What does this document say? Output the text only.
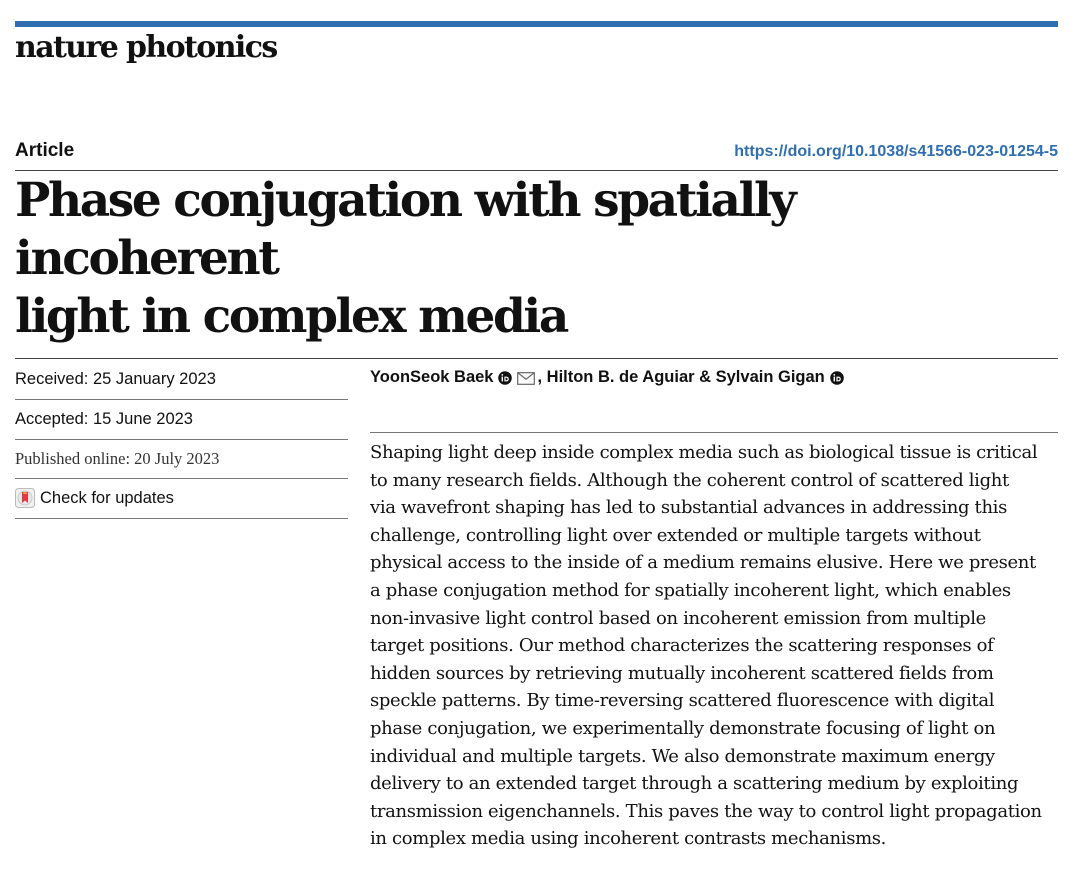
nature photonics
Article	https://doi.org/10.1038/s41566-023-01254-5
Phase conjugation with spatially incoherent
light in complex media
Received: 25 January 2023
Accepted: 15 June 2023
Published online: 20 July 2023
Check for updates
YoonSeok Baek	, Hilton B. de Aguiar & Sylvain Gigan
Shaping light deep inside complex media such as biological tissue is critical
to many research fields. Although the coherent control of scattered light
via wavefront shaping has led to substantial advances in addressing this
challenge, controlling light over extended or multiple targets without
physical access to the inside of a medium remains elusive. Here we present
a phase conjugation method for spatially incoherent light, which enables
non-invasive light control based on incoherent emission from multiple
target positions. Our method characterizes the scattering responses of
hidden sources by retrieving mutually incoherent scattered fields from
speckle patterns. By time-reversing scattered fluorescence with digital
phase conjugation, we experimentally demonstrate focusing of light on
individual and multiple targets. We also demonstrate maximum energy
delivery to an extended target through a scattering medium by exploiting
transmission eigenchannels. This paves the way to control light propagation
in complex media using incoherent contrasts mechanisms.
